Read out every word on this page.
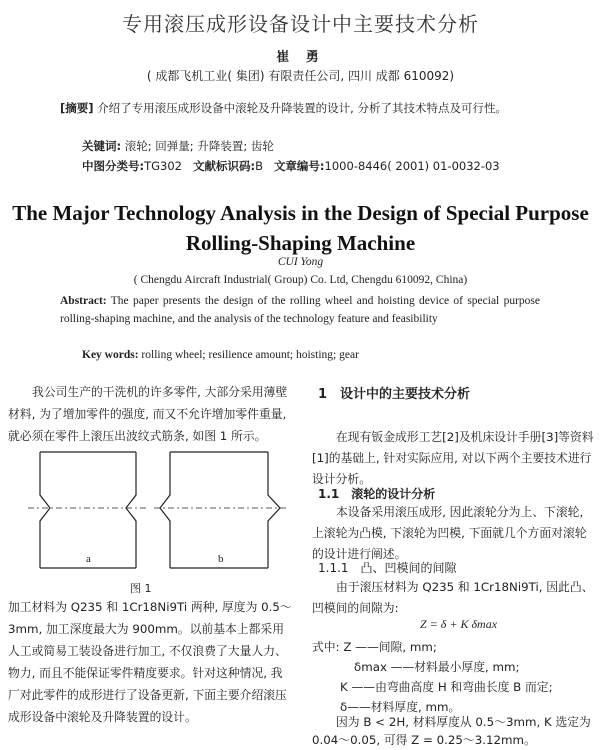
专用滚压成形设备设计中主要技术分析
崔 勇
( 成都飞机工业( 集团) 有限责任公司, 四川 成都 610092)
[摘要] 介绍了专用滚压成形设备中滚轮及升降装置的设计, 分析了其技术特点及可行性。
关键词: 滚轮; 回弹量; 升降装置; 齿轮
中图分类号:TG302 文献标识码:B 文章编号:1000-8446( 2001) 01-0032-03
The Major Technology Analysis in the Design of Special Purpose Rolling-Shaping Machine
CUI Yong
( Chengdu Aircraft Industrial( Group) Co. Ltd, Chengdu 610092, China)
Abstract: The paper presents the design of the rolling wheel and hoisting device of special purpose rolling-shaping machine, and the analysis of the technology feature and feasibility
Key words: rolling wheel; resilience amount; hoisting; gear
我公司生产的干洗机的许多零件, 大部分采用薄壁材料, 为了增加零件的强度, 而又不允许增加零件重量, 就必须在零件上滚压出波纹式筋条, 如图 1 所示。
a	b
图 1
加工材料为 Q235 和 1Cr18Ni9Ti 两种, 厚度为 0.5～3mm, 加工深度最大为 900mm。以前基本上都采用人工或简易工装设备进行加工, 不仅浪费了大量人力、物力, 而且不能保证零件精度要求。针对这种情况, 我厂对此零件的成形进行了设备更新, 下面主要介绍滚压成形设备中滚轮及升降装置的设计。
1　设计中的主要技术分析
在现有钣金成形工艺[2]及机床设计手册[3]等资料[1]的基础上, 针对实际应用, 对以下两个主要技术进行设计分析。
1.1　滚轮的设计分析
本设备采用滚压成形, 因此滚轮分为上、下滚轮, 上滚轮为凸模, 下滚轮为凹模, 下面就几个方面对滚轮的设计进行阐述。
1.1.1　凸、凹模间的间隙
由于滚压材料为 Q235 和 1Cr18Ni9Ti, 因此凸、凹模间的间隙为:
Z = δ + K δmax
式中: Z ——间隙, mm;
δmax ——材料最小厚度, mm;
K ——由弯曲高度 H 和弯曲长度 B 而定;
δ——材料厚度, mm。
因为 B < 2H, 材料厚度从 0.5～3mm, K 选定为 0.04～0.05, 可得 Z = 0.25～3.12mm。
